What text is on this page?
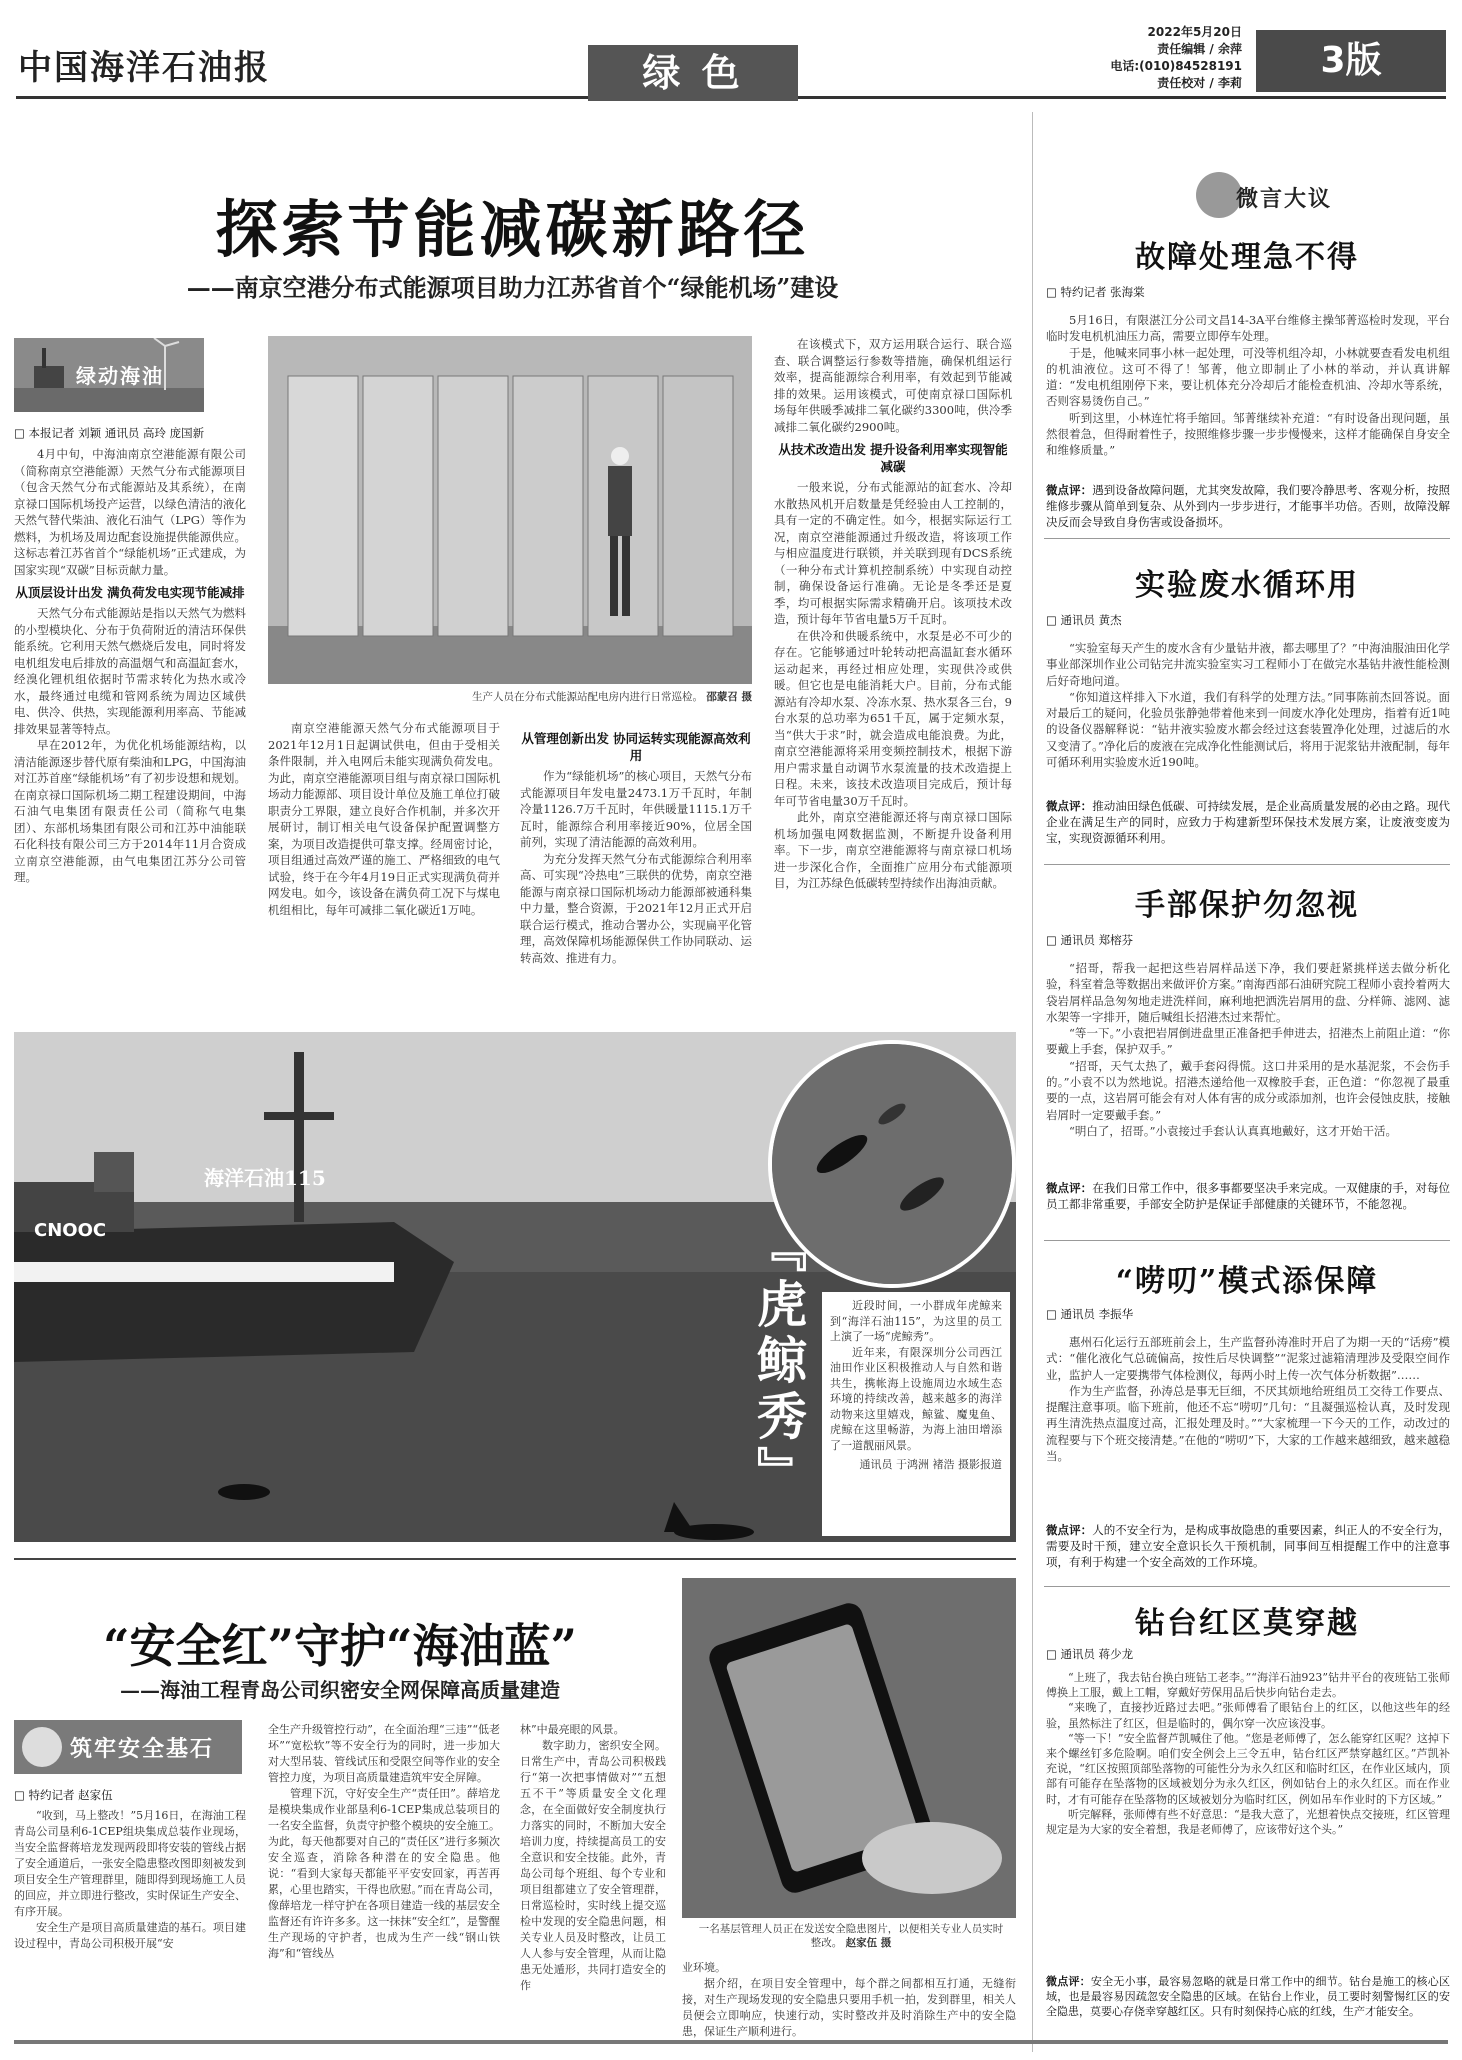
中国海洋石油报	绿 色
2022年5月20日
责任编辑 / 余萍
电话:(010)84528191
责任校对 / 李莉
3版
探索节能减碳新路径
——南京空港分布式能源项目助力江苏省首个“绿能机场”建设
绿动海油
□ 本报记者 刘颖 通讯员 高玲 庞国新

4月中旬，中海油南京空港能源有限公司（简称南京空港能源）天然气分布式能源项目（包含天然气分布式能源站及其系统），在南京禄口国际机场投产运营，以绿色清洁的液化天然气替代柴油、液化石油气（LPG）等作为燃料，为机场及周边配套设施提供能源供应。这标志着江苏省首个“绿能机场”正式建成，为国家实现“双碳”目标贡献力量。

从顶层设计出发 满负荷发电实现节能减排

天然气分布式能源站是指以天然气为燃料的小型模块化、分布于负荷附近的清洁环保供能系统。它利用天然气燃烧后发电，同时将发电机组发电后排放的高温烟气和高温缸套水，经溴化锂机组依据时节需求转化为热水或冷水，最终通过电缆和管网系统为周边区域供电、供冷、供热，实现能源利用率高、节能减排效果显著等特点。

早在2012年，为优化机场能源结构，以清洁能源逐步替代原有柴油和LPG，中国海油对江苏首座“绿能机场”有了初步设想和规划。在南京禄口国际机场二期工程建设期间，中海石油气电集团有限责任公司（简称气电集团）、东部机场集团有限公司和江苏中油能联石化科技有限公司三方于2014年11月合资成立南京空港能源，由气电集团江苏分公司管理。

生产人员在分布式能源站配电房内进行日常巡检。 邵蒙召 摄

南京空港能源天然气分布式能源项目于2021年12月1日起调试供电，但由于受相关条件限制，并入电网后未能实现满负荷发电。为此，南京空港能源项目组与南京禄口国际机场动力能源部、项目设计单位及施工单位打破职责分工界限，建立良好合作机制，并多次开展研讨，制订相关电气设备保护配置调整方案，为项目改造提供可靠支撑。经周密讨论，项目组通过高效严谨的施工、严格细致的电气试验，终于在今年4月19日正式实现满负荷并网发电。如今，该设备在满负荷工况下与煤电机组相比，每年可减排二氧化碳近1万吨。

从管理创新出发 协同运转实现能源高效利用

作为“绿能机场”的核心项目，天然气分布式能源项目年发电量2473.1万千瓦时，年制冷量1126.7万千瓦时，年供暖量1115.1万千瓦时，能源综合利用率接近90%，位居全国前列，实现了清洁能源的高效利用。

为充分发挥天然气分布式能源综合利用率高、可实现“冷热电”三联供的优势，南京空港能源与南京禄口国际机场动力能源部被通科集中力量，整合资源，于2021年12月正式开启联合运行模式，推动合署办公，实现扁平化管理，高效保障机场能源保供工作协同联动、运转高效、推进有力。

在该模式下，双方运用联合运行、联合巡查、联合调整运行参数等措施，确保机组运行效率，提高能源综合利用率，有效起到节能减排的效果。运用该模式，可使南京禄口国际机场每年供暖季减排二氧化碳约3300吨，供冷季减排二氧化碳约2900吨。

从技术改造出发 提升设备利用率实现智能减碳

一般来说，分布式能源站的缸套水、冷却水散热风机开启数量是凭经验由人工控制的，具有一定的不确定性。如今，根据实际运行工况，南京空港能源通过升级改造，将该项工作与相应温度进行联锁，并关联到现有DCS系统（一种分布式计算机控制系统）中实现自动控制，确保设备运行准确。无论是冬季还是夏季，均可根据实际需求精确开启。该项技术改造，预计每年节省电量5万千瓦时。

在供冷和供暖系统中，水泵是必不可少的存在。它能够通过叶轮转动把高温缸套水循环运动起来，再经过相应处理，实现供冷或供暖。但它也是电能消耗大户。目前，分布式能源站有冷却水泵、冷冻水泵、热水泵各三台，9台水泵的总功率为651千瓦，属于定频水泵，当“供大于求”时，就会造成电能浪费。为此，南京空港能源将采用变频控制技术，根据下游用户需求量自动调节水泵流量的技术改造提上日程。未来，该技术改造项目完成后，预计每年可节省电量30万千瓦时。

此外，南京空港能源还将与南京禄口国际机场加强电网数据监测，不断提升设备利用率。下一步，南京空港能源将与南京禄口机场进一步深化合作，全面推广应用分布式能源项目，为江苏绿色低碳转型持续作出海油贡献。

海洋石油115
CNOOC	『虎鲸秀』	近段时间，一小群成年虎鲸来到“海洋石油115”，为这里的员工上演了一场“虎鲸秀”。

近年来，有限深圳分公司西江油田作业区积极推动人与自然和谐共生，携帐海上设施周边水域生态环境的持续改善，越来越多的海洋动物来这里嬉戏，鲸鲨、魔鬼鱼、虎鲸在这里畅游，为海上油田增添了一道靓丽风景。

通讯员 于鸿洲 褚浩 摄影报道

“安全红”守护“海油蓝”
——海油工程青岛公司织密安全网保障高质量建造
筑牢安全基石
□ 特约记者 赵家伍

“收到，马上整改！”5月16日，在海油工程青岛公司垦利6-1CEP组块集成总装作业现场，当安全监督蒋培龙发现两段即将安装的管线占据了安全通道后，一张安全隐患整改图即刻被发到项目安全生产管理群里，随即得到现场施工人员的回应，并立即进行整改，实时保证生产安全、有序开展。

安全生产是项目高质量建造的基石。项目建设过程中，青岛公司积极开展“安

全生产升级管控行动”，在全面治理“三违”“低老坏”“宽松软”等不安全行为的同时，进一步加大对大型吊装、管线试压和受限空间等作业的安全管控力度，为项目高质量建造筑牢安全屏障。

管理下沉，守好安全生产“责任田”。薛培龙是模块集成作业部垦利6-1CEP集成总装项目的一名安全监督，负责守护整个模块的安全施工。为此，每天他都要对自己的“责任区”进行多频次安全巡查，消除各种潜在的安全隐患。他说：“看到大家每天都能平平安安回家，再苦再累，心里也踏实，干得也欣慰。”而在青岛公司，像薛培龙一样守护在各项目建造一线的基层安全监督还有许许多多。这一抹抹“安全红”，是警醒生产现场的守护者，也成为生产一线“钢山铁海”和“管线丛

林”中最亮眼的风景。

数字助力，密织安全网。日常生产中，青岛公司积极践行“第一次把事情做对”“五想五不干”等质量安全文化理念，在全面做好安全制度执行力落实的同时，不断加大安全培训力度，持续提高员工的安全意识和安全技能。此外，青岛公司每个班组、每个专业和项目组都建立了安全管理群，日常巡检时，实时线上提交巡检中发现的安全隐患问题，相关专业人员及时整改，让员工人人参与安全管理，从而让隐患无处遁形，共同打造安全的作

一名基层管理人员正在发送安全隐患图片，以便相关专业人员实时整改。 赵家伍 摄

业环境。

据介绍，在项目安全管理中，每个群之间都相互打通，无缝衔接，对生产现场发现的安全隐患只要用手机一拍，发到群里，相关人员便会立即响应，快速行动，实时整改并及时消除生产中的安全隐患，保证生产顺利进行。

微言大议
故障处理急不得
□ 特约记者 张海棠

5月16日，有限湛江分公司文昌14-3A平台维修主操邹菁巡检时发现，平台临时发电机机油压力高，需要立即停车处理。

于是，他喊来同事小林一起处理，可没等机组冷却，小林就要查看发电机组的机油液位。这可不得了！邹菁，他立即制止了小林的举动，并认真讲解道：“发电机组刚停下来，要让机体充分冷却后才能检查机油、冷却水等系统，否则容易烫伤自己。”

听到这里，小林连忙将手缩回。邹菁继续补充道：“有时设备出现问题，虽然很着急，但得耐着性子，按照维修步骤一步步慢慢来，这样才能确保自身安全和维修质量。”

微点评：遇到设备故障问题，尤其突发故障，我们要冷静思考、客观分析，按照维修步骤从简单到复杂、从外到内一步步进行，才能事半功倍。否则，故障没解决反而会导致自身伤害或设备损坏。
实验废水循环用
□ 通讯员 黄杰

“实验室每天产生的废水含有少量钻井液，都去哪里了？”中海油服油田化学事业部深圳作业公司钻完井流实验室实习工程师小丁在做完水基钻井液性能检测后好奇地问道。

“你知道这样排入下水道，我们有科学的处理方法。”同事陈前杰回答说。面对最后工的疑问，化验员张静弛带着他来到一间废水净化处理房，指着有近1吨的设备仪器解释说：“钻井液实验废水都会经过这套装置净化处理，过滤后的水又变清了。”净化后的废液在完成净化性能测试后，将用于泥浆钻井液配制，每年可循环利用实验废水近190吨。

微点评：推动油田绿色低碳、可持续发展，是企业高质量发展的必由之路。现代企业在满足生产的同时，应致力于构建新型环保技术发展方案，让废液变废为宝，实现资源循环利用。
手部保护勿忽视
□ 通讯员 郑榕芬

“招哥，帮我一起把这些岩屑样品送下净，我们要赶紧挑样送去做分析化验，科室着急等数据出来做评价方案。”南海西部石油研究院工程师小袁拎着两大袋岩屑样品急匆匆地走进洗样间，麻利地把洒洗岩屑用的盘、分样筛、滤网、滤水架等一字排开，随后喊组长招港杰过来帮忙。

“等一下。”小袁把岩屑倒进盘里正准备把手伸进去，招港杰上前阻止道：“你要戴上手套，保护双手。”

“招哥，天气太热了，戴手套闷得慌。这口井采用的是水基泥浆，不会伤手的。”小袁不以为然地说。招港杰递给他一双橡胶手套，正色道：“你忽视了最重要的一点，这岩屑可能会有对人体有害的成分或添加剂，也许会侵蚀皮肤，接触岩屑时一定要戴手套。”

“明白了，招哥。”小袁接过手套认认真真地戴好，这才开始干活。

微点评：在我们日常工作中，很多事都要坚决手来完成。一双健康的手，对每位员工都非常重要，手部安全防护是保证手部健康的关键环节，不能忽视。
“唠叨”模式添保障
□ 通讯员 李振华

惠州石化运行五部班前会上，生产监督孙涛准时开启了为期一天的“话痨”模式：“催化液化气总硫偏高，按性后尽快调整”“泥浆过滤箱清理涉及受限空间作业，监护人一定要携带气体检测仪，每两小时上传一次气体分析数据”……

作为生产监督，孙涛总是事无巨细，不厌其烦地给班组员工交待工作要点、提醒注意事项。临下班前，他还不忘“唠叨”几句：“且凝强巡检认真，及时发现再生清洗热点温度过高，汇报处理及时。”“大家梳理一下今天的工作，动改过的流程要与下个班交接清楚。”在他的“唠叨”下，大家的工作越来越细致，越来越稳当。

微点评：人的不安全行为，是构成事故隐患的重要因素，纠正人的不安全行为，需要及时干预，建立安全意识长久干预机制，同事间互相提醒工作中的注意事项，有利于构建一个安全高效的工作环境。
钻台红区莫穿越
□ 通讯员 蒋少龙

“上班了，我去钻台换白班钻工老李。”“海洋石油923”钻井平台的夜班钻工张师傅换上工服，戴上工帽，穿戴好劳保用品后快步向钻台走去。

“来晚了，直接抄近路过去吧。”张师傅看了眼钻台上的红区，以他这些年的经验，虽然标注了红区，但是临时的，偶尔穿一次应该没事。

“等一下！”安全监督芦凯喊住了他。“您是老师傅了，怎么能穿红区呢？这掉下来个螺丝钉多危险啊。咱们安全例会上三令五申，钻台红区严禁穿越红区。”芦凯补充说，“红区按照顶部坠落物的可能性分为永久红区和临时红区，在作业区域内，顶部有可能存在坠落物的区域被划分为永久红区，例如钻台上的永久红区。而在作业时，才有可能存在坠落物的区域被划分为临时红区，例如吊车作业时的下方区域。”

听完解释，张师傅有些不好意思：“是我大意了，光想着快点交接班，红区管理规定是为大家的安全着想，我是老师傅了，应该带好这个头。”

微点评：安全无小事，最容易忽略的就是日常工作中的细节。钻台是施工的核心区域，也是最容易因疏忽安全隐患的区域。在钻台上作业，员工要时刻警惕红区的安全隐患，莫要心存侥幸穿越红区。只有时刻保持心底的红线，生产才能安全。
